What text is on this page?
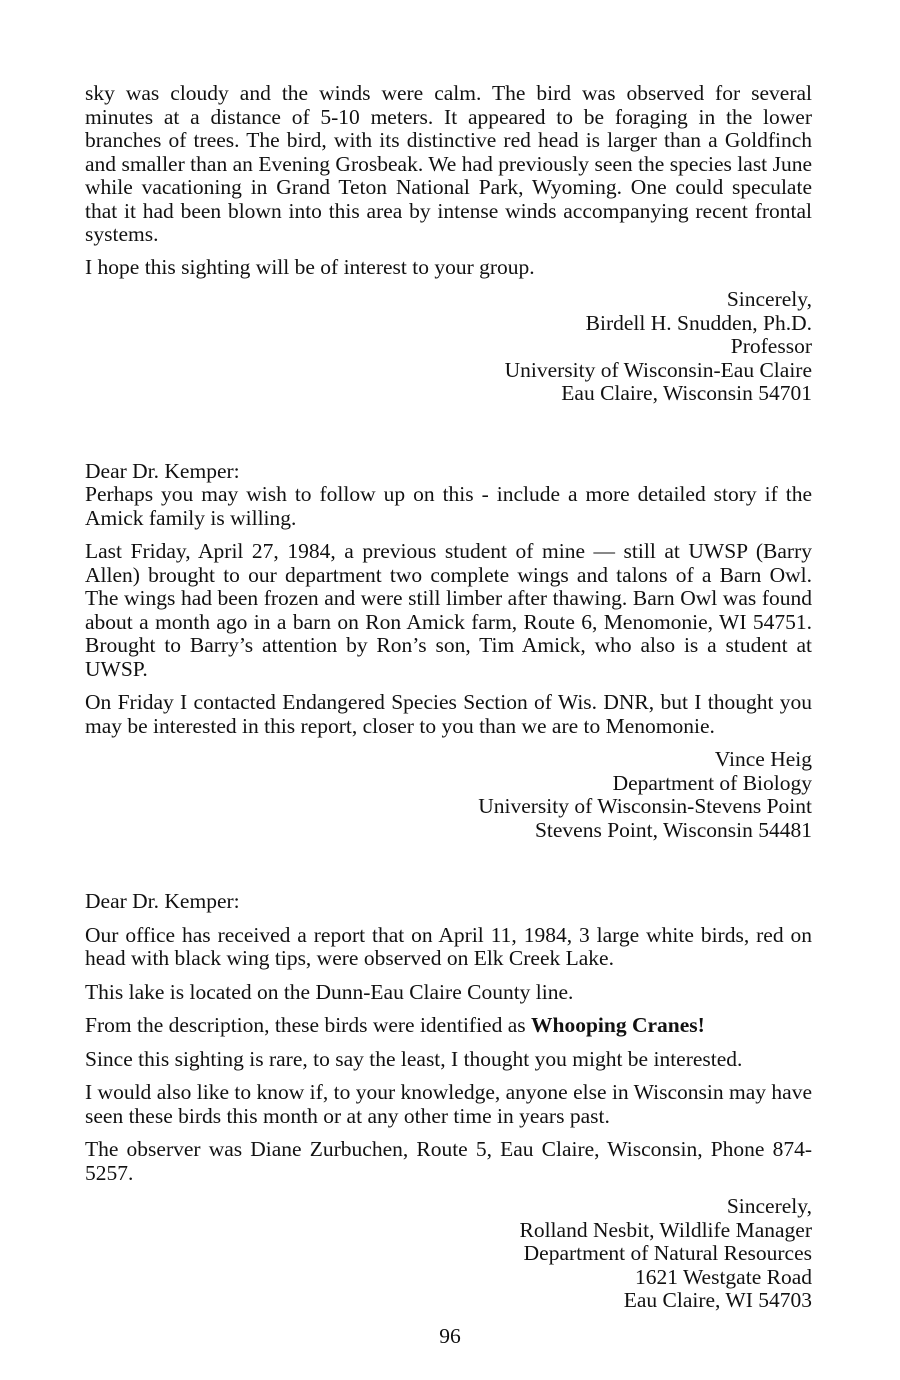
sky was cloudy and the winds were calm. The bird was observed for several minutes at a distance of 5-10 meters. It appeared to be foraging in the lower branches of trees. The bird, with its distinctive red head is larger than a Goldfinch and smaller than an Evening Grosbeak. We had previously seen the species last June while vacationing in Grand Teton National Park, Wyoming. One could speculate that it had been blown into this area by intense winds accompanying recent frontal systems.

I hope this sighting will be of interest to your group.

Sincerely,
Birdell H. Snudden, Ph.D.
Professor
University of Wisconsin-Eau Claire
Eau Claire, Wisconsin 54701

Dear Dr. Kemper:

Perhaps you may wish to follow up on this - include a more detailed story if the Amick family is willing.

Last Friday, April 27, 1984, a previous student of mine — still at UWSP (Barry Allen) brought to our department two complete wings and talons of a Barn Owl. The wings had been frozen and were still limber after thawing. Barn Owl was found about a month ago in a barn on Ron Amick farm, Route 6, Menomonie, WI 54751. Brought to Barry’s attention by Ron’s son, Tim Amick, who also is a student at UWSP.

On Friday I contacted Endangered Species Section of Wis. DNR, but I thought you may be interested in this report, closer to you than we are to Menomonie.

Vince Heig
Department of Biology
University of Wisconsin-Stevens Point
Stevens Point, Wisconsin 54481

Dear Dr. Kemper:

Our office has received a report that on April 11, 1984, 3 large white birds, red on head with black wing tips, were observed on Elk Creek Lake.

This lake is located on the Dunn-Eau Claire County line.

From the description, these birds were identified as Whooping Cranes!

Since this sighting is rare, to say the least, I thought you might be interested.

I would also like to know if, to your knowledge, anyone else in Wisconsin may have seen these birds this month or at any other time in years past.

The observer was Diane Zurbuchen, Route 5, Eau Claire, Wisconsin, Phone 874-5257.

Sincerely,
Rolland Nesbit, Wildlife Manager
Department of Natural Resources
1621 Westgate Road
Eau Claire, WI 54703
96
